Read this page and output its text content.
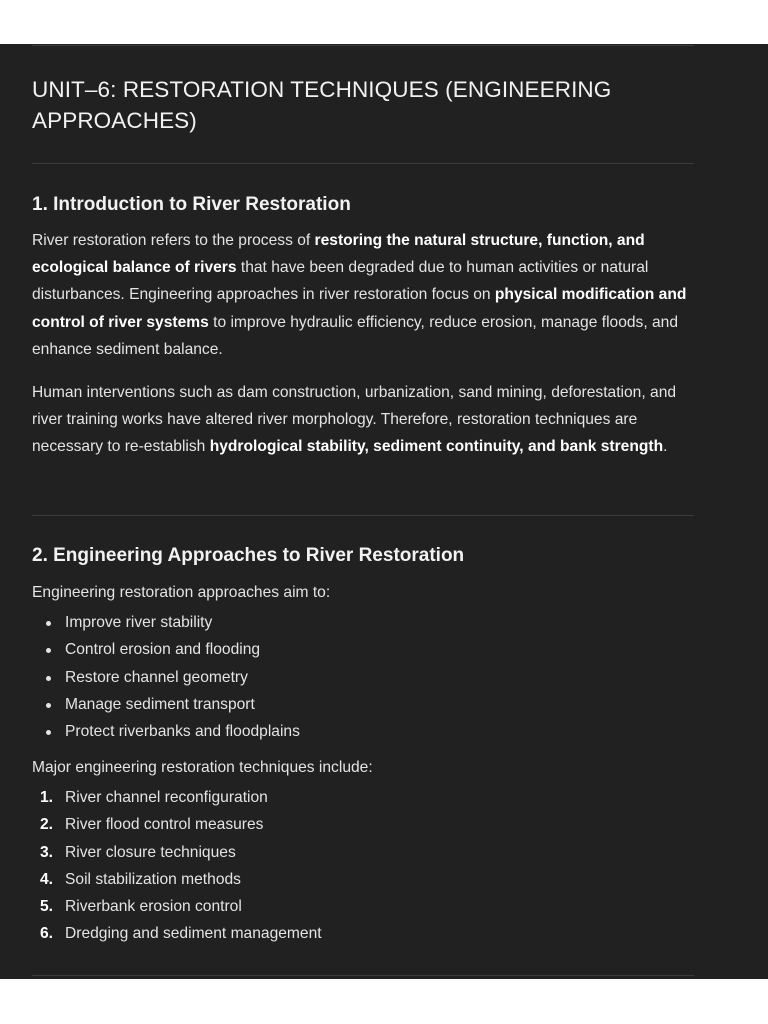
UNIT–6: RESTORATION TECHNIQUES (ENGINEERING APPROACHES)
1. Introduction to River Restoration

River restoration refers to the process of restoring the natural structure, function, and ecological balance of rivers that have been degraded due to human activities or natural disturbances. Engineering approaches in river restoration focus on physical modification and control of river systems to improve hydraulic efficiency, reduce erosion, manage floods, and enhance sediment balance.

Human interventions such as dam construction, urbanization, sand mining, deforestation, and river training works have altered river morphology. Therefore, restoration techniques are necessary to re-establish hydrological stability, sediment continuity, and bank strength.

2. Engineering Approaches to River Restoration

Engineering restoration approaches aim to:

Improve river stability
Control erosion and flooding
Restore channel geometry
Manage sediment transport
Protect riverbanks and floodplains

Major engineering restoration techniques include:

1. River channel reconfiguration
2. River flood control measures
3. River closure techniques
4. Soil stabilization methods
5. Riverbank erosion control
6. Dredging and sediment management
